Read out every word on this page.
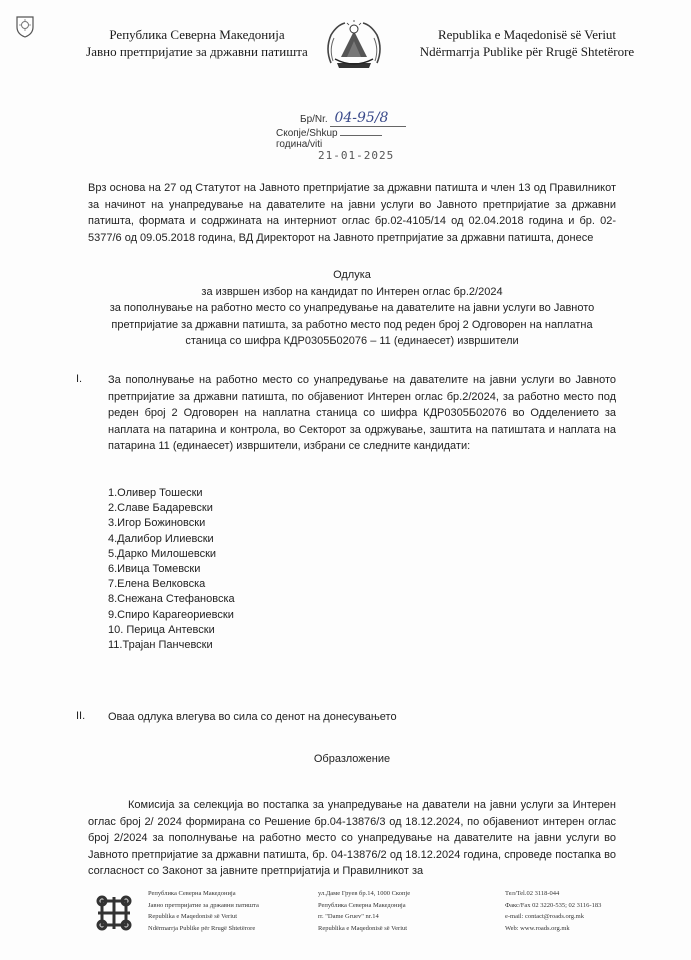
Република Северна Македонија
Јавно претпријатие за државни патишта
Republika e Maqedonisë së Veriut
Ndërmarrja Publike për Rrugë Shtetërore
Бр/Nr. 04-95/8
Скопје/Shkup  година/viti
21-01-2025
Врз основа на 27 од Статутот на Јавното претпријатие за државни патишта и член 13 од Правилникот за начинот на унапредување на давателите на јавни услуги во Јавното претпријатие за државни патишта, формата и содржината на интерниот оглас бр.02-4105/14 од 02.04.2018 година и бр. 02-5377/6 од 09.05.2018 година, ВД Директорот на Јавното претпријатие за државни патишта, донесе
Одлука
за извршен избор на кандидат по Интерен оглас бр.2/2024
за пополнување на работно место со унапредување на давателите на јавни услуги во Јавното претпријатие за државни патишта, за работно место под реден број 2 Одговорен на наплатна станица со шифра КДР0305Б02076 – 11 (единаесет) извршители
I. За пополнување на работно место со унапредување на давателите на јавни услуги во Јавното претпријатие за државни патишта, по објавениот Интерен оглас бр.2/2024, за работно место под реден број 2 Одговорен на наплатна станица со шифра КДР0305Б02076 во Одделението за наплата на патарина и контрола, во Секторот за одржување, заштита на патиштата и наплата на патарина 11 (единаесет) извршители, избрани се следните кандидати:
1.Оливер Тошески
2.Славе Бадаревски
3.Игор Божиновски
4.Далибор Илиевски
5.Дарко Милошевски
6.Ивица Томевски
7.Елена Велковска
8.Снежана Стефановска
9.Спиро Карагеориевски
10. Перица Антевски
11.Трајан Панчевски
II. Оваа одлука влегува во сила со денот на донесувањето
Образложение
Комисија за селекција во постапка за унапредување на даватели на јавни услуги за Интерен оглас број 2/ 2024 формирана со Решение бр.04-13876/3 од 18.12.2024, по објавениот интерен оглас број 2/2024 за пополнување на работно место со унапредување на давателите на јавни услуги во Јавното претпријатие за државни патишта, бр. 04-13876/2 од 18.12.2024 година, спроведе постапка во согласност со Законот за јавните претпријатија и Правилникот за
Република Северна Македонија
Јавно претпријатие за државни патишта
Republika e Maqedonisë së Veriut
Ndërmarrja Publike për Rrugë Shtetërore
ул.Даме Груев бр.14, 1000 Скопје
Република Северна Македонија
rr. "Dame Gruev" nr.14
Republika e Maqedonisë së Veriut
Тел/Tel.02 3118-044
Факс/Fax 02 3220-535; 02 3116-183
e-mail: contact@roads.org.mk
Web: www.roads.org.mk
